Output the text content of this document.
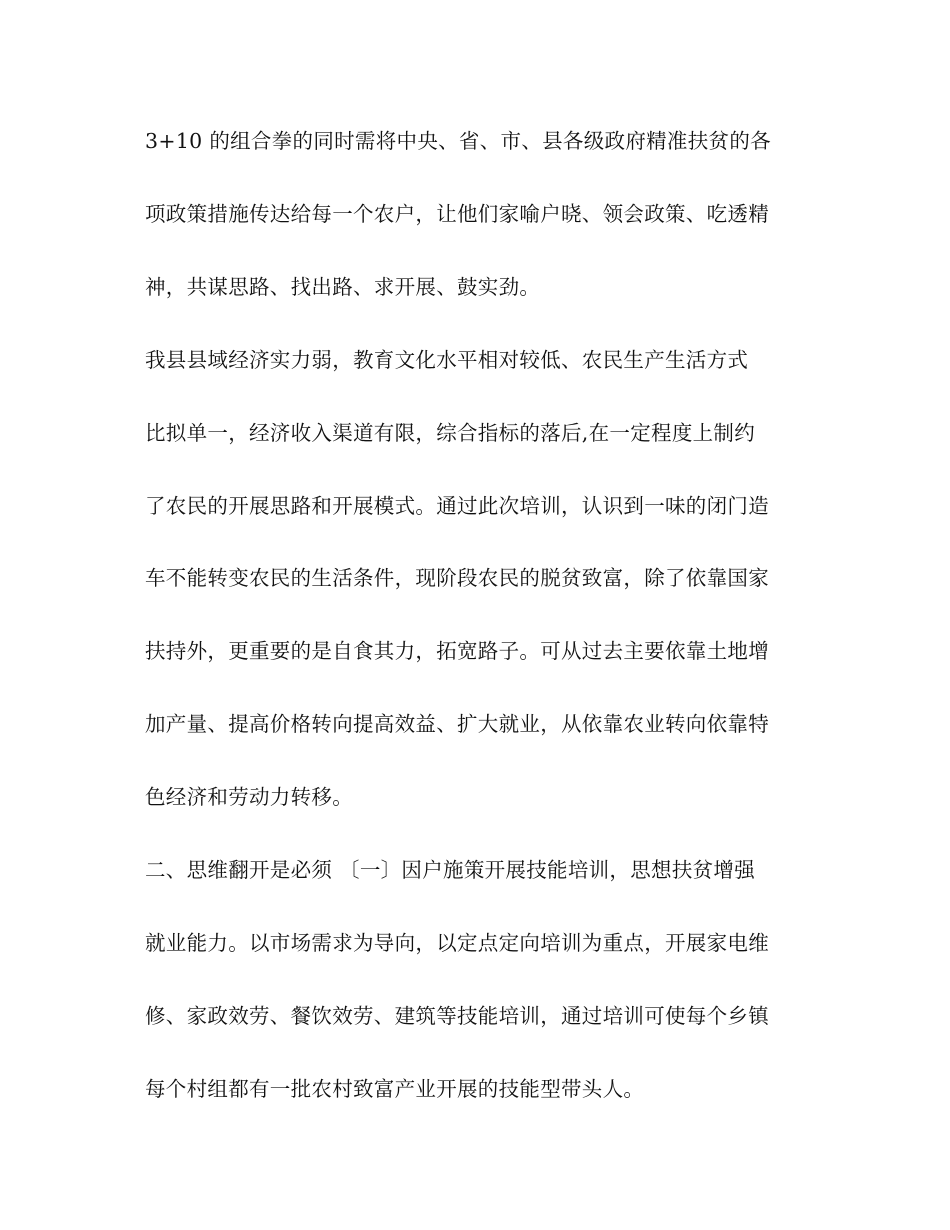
3+10 的组合拳的同时需将中央、省、市、县各级政府精准扶贫的各
项政策措施传达给每一个农户，让他们家喻户晓、领会政策、吃透精
神，共谋思路、找出路、求开展、鼓实劲。
我县县域经济实力弱，教育文化水平相对较低、农民生产生活方式
比拟单一，经济收入渠道有限，综合指标的落后,在一定程度上制约
了农民的开展思路和开展模式。通过此次培训，认识到一味的闭门造
车不能转变农民的生活条件，现阶段农民的脱贫致富，除了依靠国家
扶持外，更重要的是自食其力，拓宽路子。可从过去主要依靠土地增
加产量、提高价格转向提高效益、扩大就业，从依靠农业转向依靠特
色经济和劳动力转移。
二、思维翻开是必须 〔一〕因户施策开展技能培训，思想扶贫增强
就业能力。以市场需求为导向，以定点定向培训为重点，开展家电维
修、家政效劳、餐饮效劳、建筑等技能培训，通过培训可使每个乡镇
每个村组都有一批农村致富产业开展的技能型带头人。
